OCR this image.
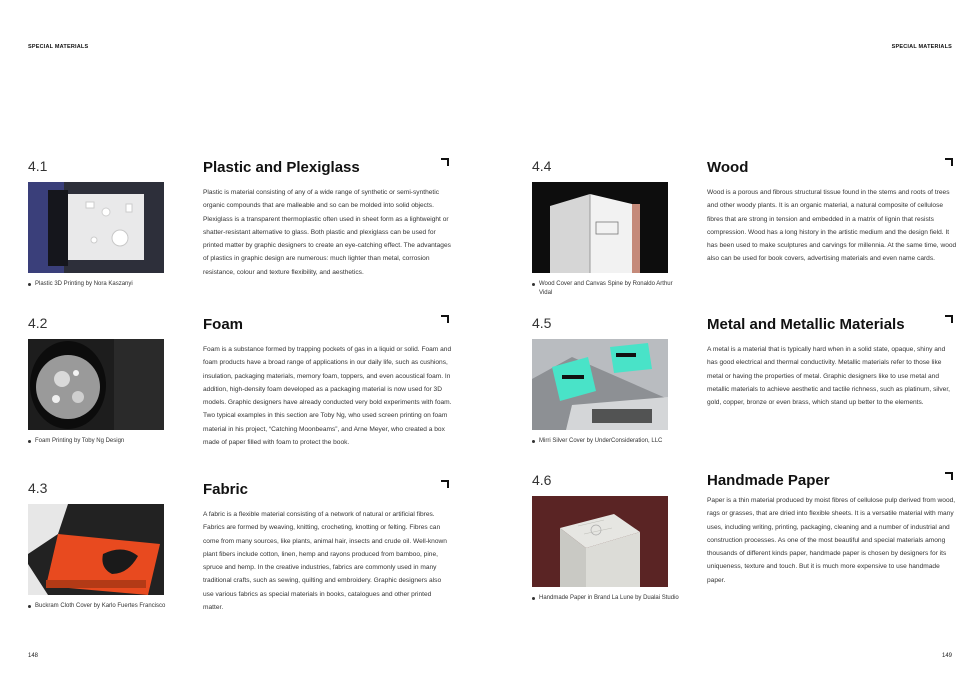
SPECIAL MATERIALS	SPECIAL MATERIALS
4.1
Plastic 3D Printing by Nora Kaszanyi
Plastic and Plexiglass
Plastic is material consisting of any of a wide range of synthetic or semi-synthetic organic compounds that are malleable and so can be molded into solid objects. Plexiglass is a transparent thermoplastic often used in sheet form as a lightweight or shatter-resistant alternative to glass. Both plastic and plexiglass can be used for printed matter by graphic designers to create an eye-catching effect. The advantages of plastics in graphic design are numerous: much lighter than metal, corrosion resistance, colour and texture flexibility, and aesthetics.
4.2
Foam Printing by Toby Ng Design
Foam
Foam is a substance formed by trapping pockets of gas in a liquid or solid. Foam and foam products have a broad range of applications in our daily life, such as cushions, insulation, packaging materials, memory foam, toppers, and even acoustical foam. In addition, high-density foam developed as a packaging material is now used for 3D models. Graphic designers have already conducted very bold experiments with foam. Two typical examples in this section are Toby Ng, who used screen printing on foam material in his project, “Catching Moonbeams”, and Arne Meyer, who created a box made of paper filled with foam to protect the book.
4.3
Buckram Cloth Cover by Karlo Fuertes Francisco
Fabric
A fabric is a flexible material consisting of a network of natural or artificial fibres. Fabrics are formed by weaving, knitting, crocheting, knotting or felting. Fibres can come from many sources, like plants, animal hair, insects and crude oil. Well-known plant fibers include cotton, linen, hemp and rayons produced from bamboo, pine, spruce and hemp. In the creative industries, fabrics are commonly used in many traditional crafts, such as sewing, quilting and embroidery. Graphic designers also use various fabrics as special materials in books, catalogues and other printed matter.
4.4
Wood Cover and Canvas Spine by Ronaldo Arthur Vidal
Wood
Wood is a porous and fibrous structural tissue found in the stems and roots of trees and other woody plants. It is an organic material, a natural composite of cellulose fibres that are strong in tension and embedded in a matrix of lignin that resists compression. Wood has a long history in the artistic medium and the design field. It has been used to make sculptures and carvings for millennia. At the same time, wood also can be used for book covers, advertising materials and even name cards.
4.5
Mirri Silver Cover by UnderConsideration, LLC
Metal and Metallic Materials
A metal is a material that is typically hard when in a solid state, opaque, shiny and has good electrical and thermal conductivity. Metallic materials refer to those like metal or having the properties of metal. Graphic designers like to use metal and metallic materials to achieve aesthetic and tactile richness, such as platinum, silver, gold, copper, bronze or even brass, which stand up better to the elements.
4.6
Handmade Paper in Brand La Lune by Dualai Studio
Handmade Paper
Paper is a thin material produced by moist fibres of cellulose pulp derived from wood, rags or grasses, that are dried into flexible sheets. It is a versatile material with many uses, including writing, printing, packaging, cleaning and a number of industrial and construction processes. As one of the most beautiful and special materials among thousands of different kinds paper, handmade paper is chosen by designers for its uniqueness, texture and touch. But it is much more expensive to use handmade paper.
148	149
